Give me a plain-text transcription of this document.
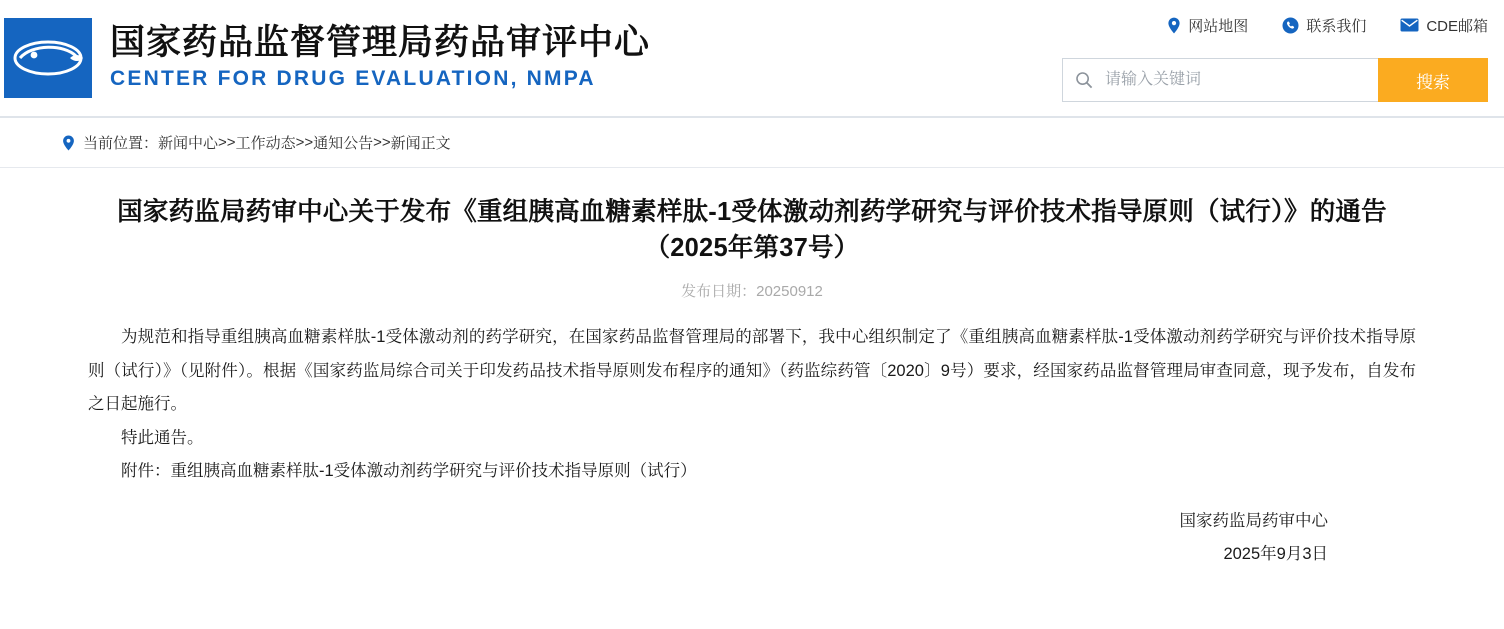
国家药品监督管理局药品审评中心
CENTER FOR DRUG EVALUATION, NMPA
网站地图	联系我们	CDE邮箱
请输入关键词
搜索
当前位置： 新闻中心 >> 工作动态 >> 通知公告 >> 新闻正文
国家药监局药审中心关于发布《重组胰高血糖素样肽-1受体激动剂药学研究与评价技术指导原则（试行）》的通告（2025年第37号）
发布日期：20250912

为规范和指导重组胰高血糖素样肽-1受体激动剂的药学研究，在国家药品监督管理局的部署下，我中心组织制定了《重组胰高血糖素样肽-1受体激动剂药学研究与评价技术指导原则（试行）》（见附件）。根据《国家药监局综合司关于印发药品技术指导原则发布程序的通知》（药监综药管〔2020〕9号）要求，经国家药品监督管理局审查同意，现予发布，自发布之日起施行。

特此通告。

附件：重组胰高血糖素样肽-1受体激动剂药学研究与评价技术指导原则（试行）

国家药监局药审中心
2025年9月3日
